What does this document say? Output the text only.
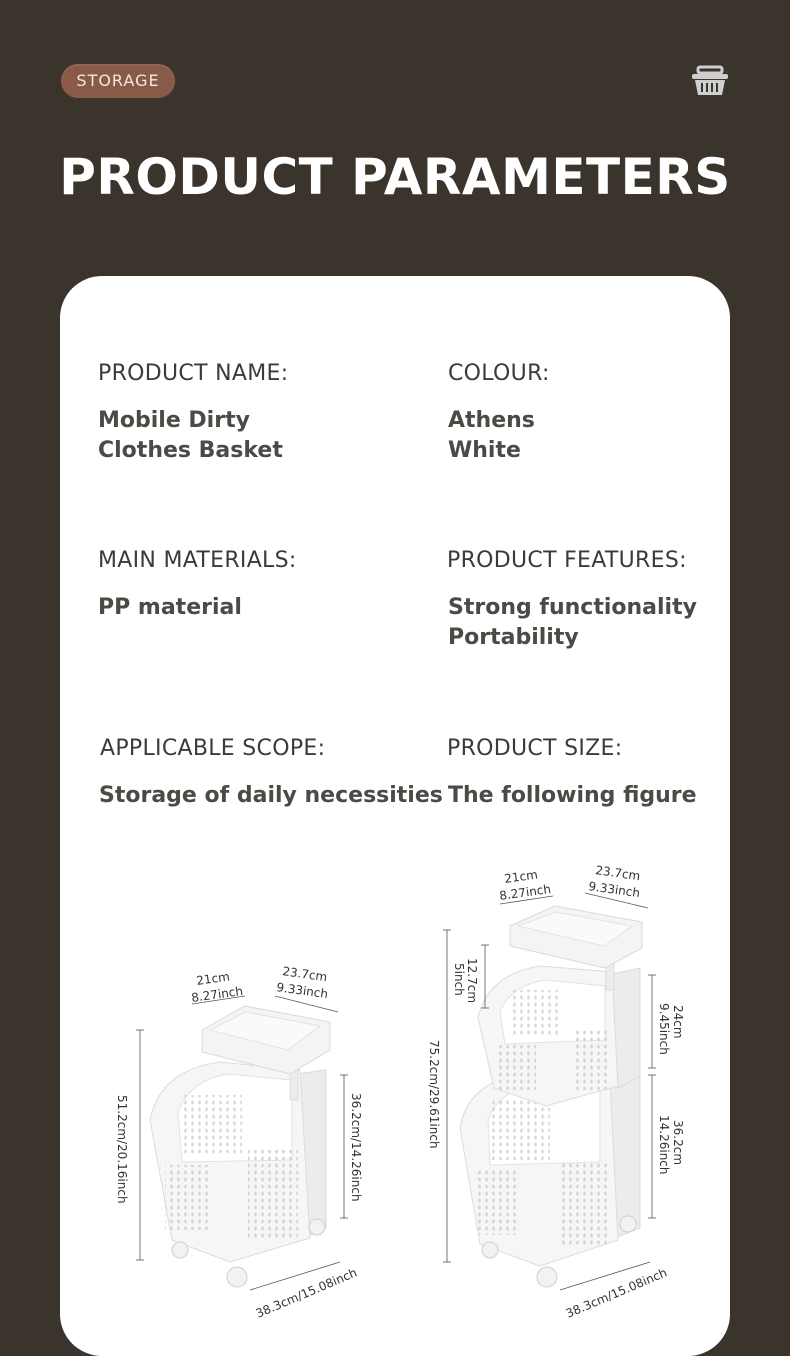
STORAGE
PRODUCT PARAMETERS
PRODUCT NAME:
Mobile Dirty
Clothes Basket
COLOUR:
Athens
White
MAIN MATERIALS:
PP material
PRODUCT FEATURES:
Strong functionality
Portability
APPLICABLE SCOPE:
Storage of daily necessities
PRODUCT SIZE:
The following figure
21cm
8.27inch
23.7cm
9.33inch
51.2cm/20.16inch	36.2cm/14.26inch
38.3cm/15.08inch
21cm
8.27inch
23.7cm
9.33inch
12.7cm
5inch
75.2cm/29.61inch
24cm
9.45inch
36.2cm
14.26inch
38.3cm/15.08inch
